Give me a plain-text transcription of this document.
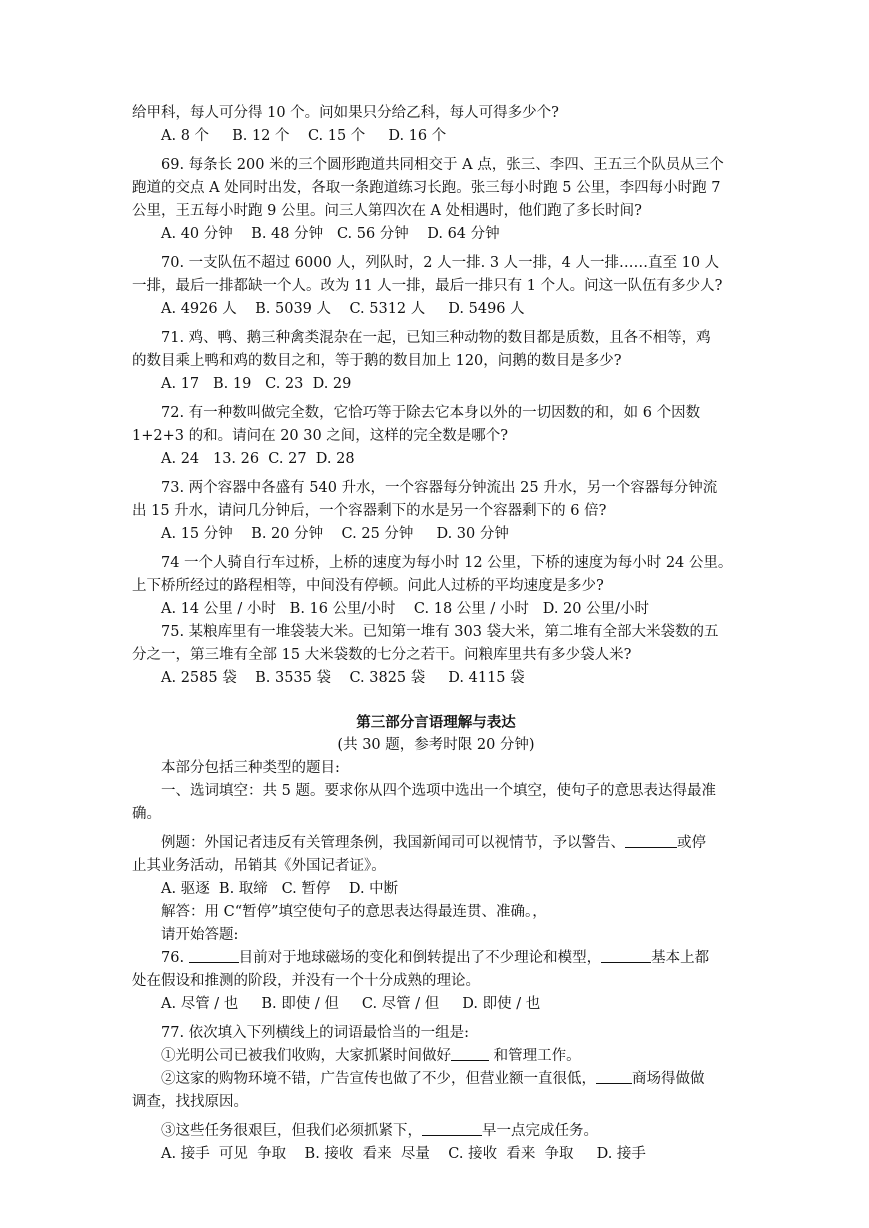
给甲科，每人可分得 10 个。问如果只分给乙科，每人可得多少个?
A. 8 个     B. 12 个    C. 15 个     D. 16 个
69. 每条长 200 米的三个圆形跑道共同相交于 A 点，张三、李四、王五三个队员从三个
跑道的交点 A 处同时出发，各取一条跑道练习长跑。张三每小时跑 5 公里，李四每小时跑 7
公里，王五每小时跑 9 公里。问三人第四次在 A 处相遇时，他们跑了多长时间?
A. 40 分钟    B. 48 分钟   C. 56 分钟    D. 64 分钟
70. 一支队伍不超过 6000 人，列队时，2 人一排. 3 人一排，4 人一排……直至 10 人
一排，最后一排都缺一个人。改为 11 人一排，最后一排只有 1 个人。问这一队伍有多少人?
A. 4926 人    B. 5039 人    C. 5312 人     D. 5496 人
71. 鸡、鸭、鹅三种禽类混杂在一起，已知三种动物的数目都是质数，且各不相等，鸡
的数目乘上鸭和鸡的数目之和，等于鹅的数目加上 120，问鹅的数目是多少?
A. 17   B. 19   C. 23  D. 29
72. 有一种数叫做完全数，它恰巧等于除去它本身以外的一切因数的和，如 6 个因数
1+2+3 的和。请问在 20 30 之间，这样的完全数是哪个?
A. 24   13. 26  C. 27  D. 28
73. 两个容器中各盛有 540 升水，一个容器每分钟流出 25 升水，另一个容器每分钟流
出 15 升水，请问几分钟后，一个容器剩下的水是另一个容器剩下的 6 倍?
A. 15 分钟    B. 20 分钟    C. 25 分钟     D. 30 分钟
74 一个人骑自行车过桥，上桥的速度为每小时 12 公里，下桥的速度为每小时 24 公里。
上下桥所经过的路程相等，中间没有停顿。问此人过桥的平均速度是多少?
A. 14 公里 / 小时   B. 16 公里/小时    C. 18 公里 / 小时   D. 20 公里/小时
75. 某粮库里有一堆袋装大米。已知第一堆有 303 袋大米，第二堆有全部大米袋数的五
分之一，第三堆有全部 15 大米袋数的七分之若干。问粮库里共有多少袋人米?
A. 2585 袋    B. 3535 袋    C. 3825 袋     D. 4115 袋
第三部分言语理解与表达
(共 30 题，参考时限 20 分钟)
本部分包括三种类型的题目:
一、选词填空：共 5 题。要求你从四个选项中选出一个填空，使句子的意思表达得最准
确。
例题：外国记者违反有关管理条例，我国新闻司可以视情节，予以警告、	或停
止其业务活动，吊销其《外国记者证》。
A. 驱逐  B. 取缔   C. 暂停    D. 中断
解答：用 C“暂停”填空使句子的意思表达得最连贯、准确。，
请开始答题:
76.	目前对于地球磁场的变化和倒转提出了不少理论和模型，	基本上都
处在假设和推测的阶段，并没有一个十分成熟的理论。
A. 尽管 / 也     B. 即使 / 但     C. 尽管 / 但     D. 即使 / 也
77. 依次填入下列横线上的词语最恰当的一组是:
①光明公司已被我们收购，大家抓紧时间做好	和管理工作。
②这家的购物环境不错，广告宣传也做了不少，但营业额一直很低， 商场得做做
调查，找找原因。
③这些任务很艰巨，但我们必须抓紧下，	早一点完成任务。
A. 接手  可见  争取    B. 接收  看来  尽量    C. 接收  看来  争取     D. 接手
